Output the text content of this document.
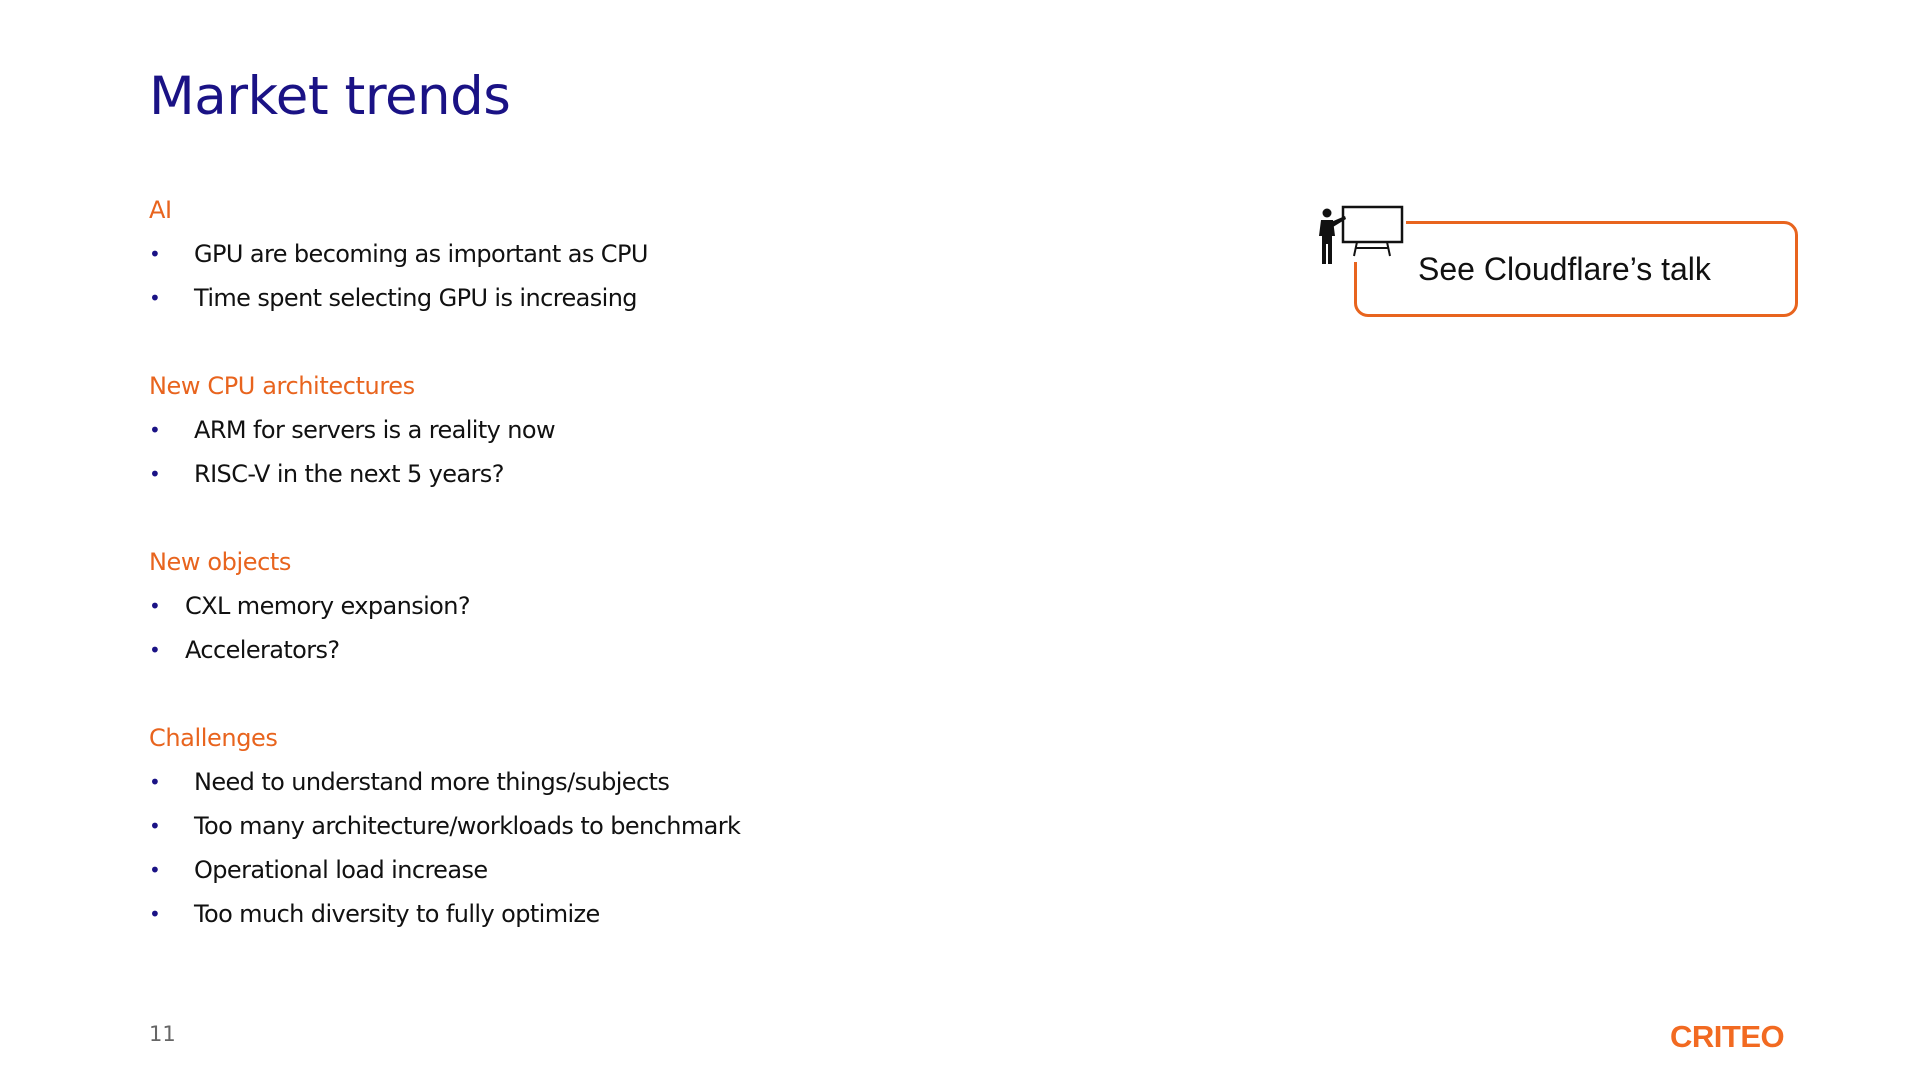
Market trends
AI
• GPU are becoming as important as CPU
• Time spent selecting GPU is increasing
New CPU architectures
• ARM for servers is a reality now
• RISC-V in the next 5 years?
New objects
• CXL memory expansion?
• Accelerators?
Challenges
• Need to understand more things/subjects
• Too many architecture/workloads to benchmark
• Operational load increase
• Too much diversity to fully optimize
See Cloudflare’s talk
11	CRITEO
